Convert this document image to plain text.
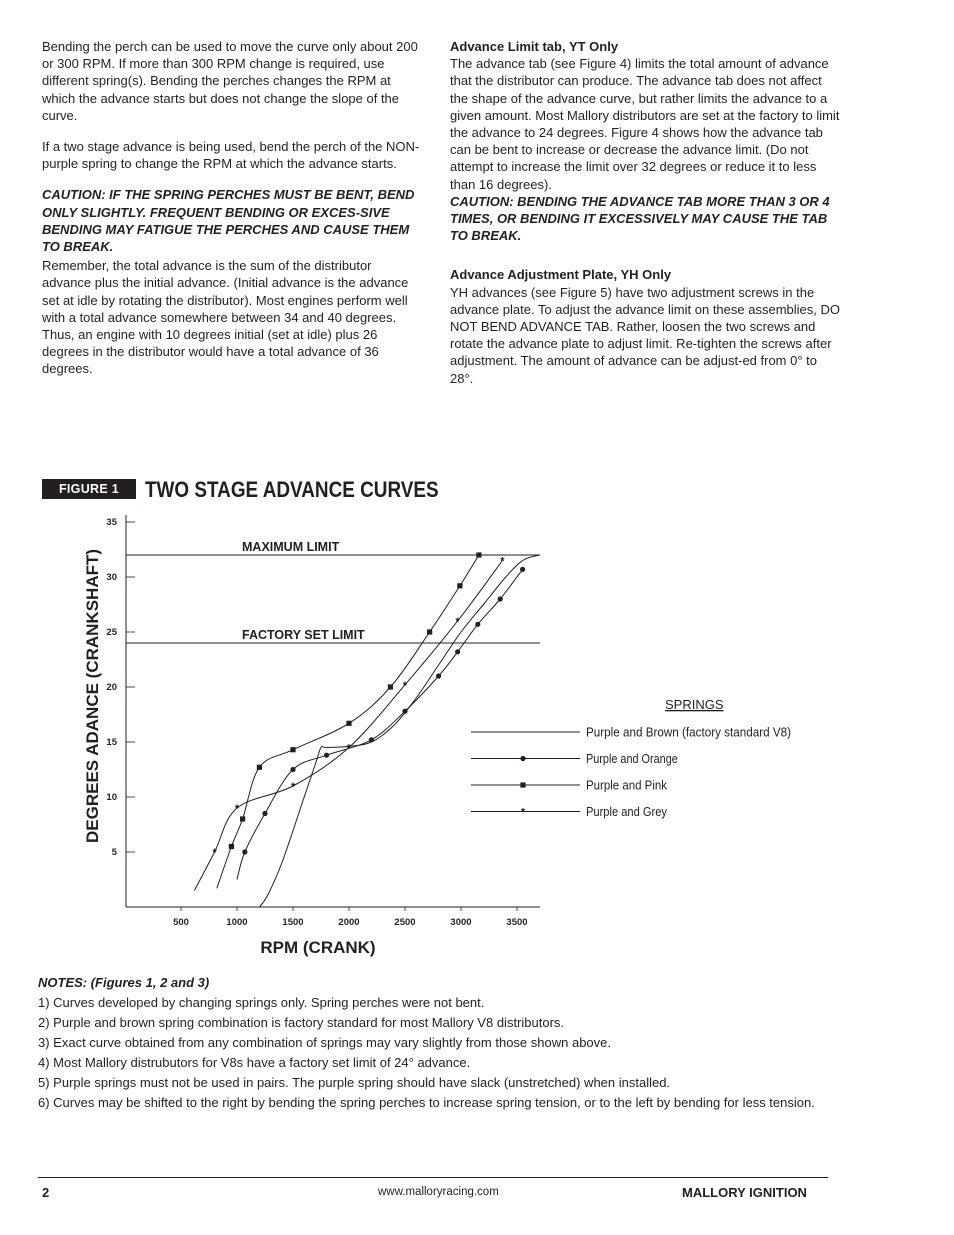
Bending the perch can be used to move the curve only about 200 or 300 RPM. If more than 300 RPM change is required, use different spring(s). Bending the perches changes the RPM at which the advance starts but does not change the slope of the curve.

If a two stage advance is being used, bend the perch of the NON-purple spring to change the RPM at which the advance starts.

CAUTION: IF THE SPRING PERCHES MUST BE BENT, BEND ONLY SLIGHTLY. FREQUENT BENDING OR EXCES-SIVE BENDING MAY FATIGUE THE PERCHES AND CAUSE THEM TO BREAK.

Remember, the total advance is the sum of the distributor advance plus the initial advance. (Initial advance is the advance set at idle by rotating the distributor). Most engines perform well with a total advance somewhere between 34 and 40 degrees. Thus, an engine with 10 degrees initial (set at idle) plus 26 degrees in the distributor would have a total advance of 36 degrees.

Advance Limit tab, YT Only
The advance tab (see Figure 4) limits the total amount of advance that the distributor can produce. The advance tab does not affect the shape of the advance curve, but rather limits the advance to a given amount. Most Mallory distributors are set at the factory to limit the advance to 24 degrees. Figure 4 shows how the advance tab can be bent to increase or decrease the advance limit. (Do not attempt to increase the limit over 32 degrees or reduce it to less than 16 degrees).

CAUTION: BENDING THE ADVANCE TAB MORE THAN 3 OR 4 TIMES, OR BENDING IT EXCESSIVELY MAY CAUSE THE TAB TO BREAK.

Advance Adjustment Plate, YH Only
YH advances (see Figure 5) have two adjustment screws in the advance plate. To adjust the advance limit on these assemblies, DO NOT BEND ADVANCE TAB. Rather, loosen the two screws and rotate the advance plate to adjust limit. Re-tighten the screws after adjustment. The amount of advance can be adjust-ed from 0° to 28°.

FIGURE 1	TWO STAGE ADVANCE CURVES
5
10
15
20
25
30
35
500	1000	1500	2000	2500	3000	3500
DEGREES ADANCE (CRANKSHAFT)
RPM (CRANK)
MAXIMUM LIMIT
FACTORY SET LIMIT
*
*
*
*
*
*
*
SPRINGS
Purple and Brown (factory standard V8)
Purple and Orange
Purple and Pink
*	Purple and Grey
NOTES: (Figures 1, 2 and 3)
1) Curves developed by changing springs only. Spring perches were not bent.
2) Purple and brown spring combination is factory standard for most Mallory V8 distributors.
3) Exact curve obtained from any combination of springs may vary slightly from those shown above.
4) Most Mallory distrubutors for V8s have a factory set limit of 24° advance.
5) Purple springs must not be used in pairs. The purple spring should have slack (unstretched) when installed.
6) Curves may be shifted to the right by bending the spring perches to increase spring tension, or to the left by bending for less tension.
2	www.malloryracing.com	MALLORY IGNITION
